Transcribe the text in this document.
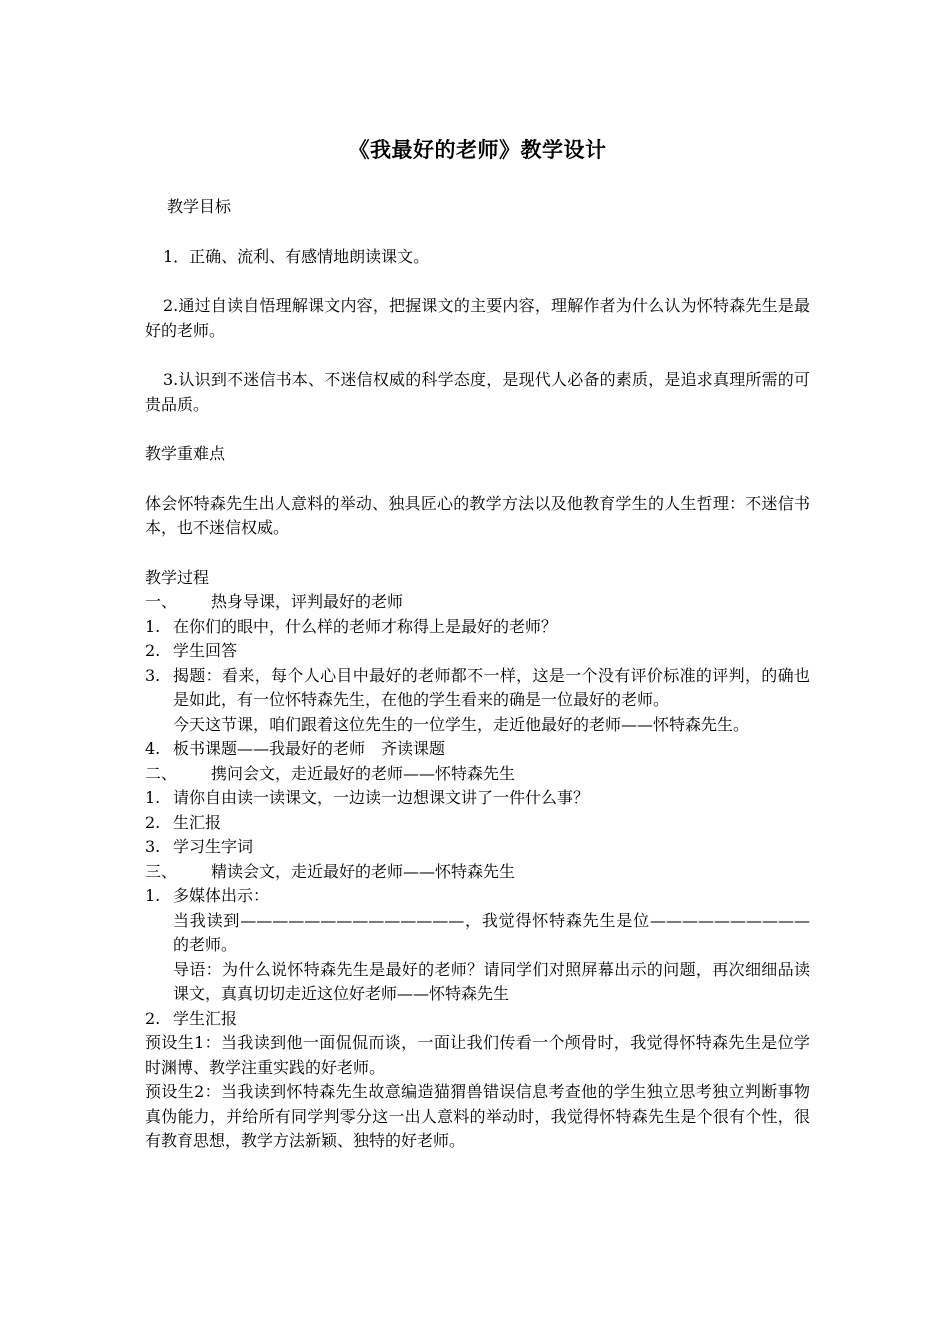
《我最好的老师》教学设计

教学目标

1．正确、流利、有感情地朗读课文。

2.通过自读自悟理解课文内容，把握课文的主要内容，理解作者为什么认为怀特森先生是最好的老师。

3.认识到不迷信书本、不迷信权威的科学态度，是现代人必备的素质，是追求真理所需的可贵品质。

教学重难点

体会怀特森先生出人意料的举动、独具匠心的教学方法以及他教育学生的人生哲理：不迷信书本，也不迷信权威。

教学过程

一、	热身导课，评判最好的老师
1. 在你们的眼中，什么样的老师才称得上是最好的老师？
2. 学生回答
3. 揭题：看来，每个人心目中最好的老师都不一样，这是一个没有评价标准的评判，的确也是如此，有一位怀特森先生，在他的学生看来的确是一位最好的老师。

今天这节课，咱们跟着这位先生的一位学生，走近他最好的老师——怀特森先生。

4. 板书课题——我最好的老师　齐读课题
二、	携问会文，走近最好的老师——怀特森先生
1. 请你自由读一读课文，一边读一边想课文讲了一件什么事？
2. 生汇报
3. 学习生字词
三、	精读会文，走近最好的老师——怀特森先生
1. 多媒体出示：

当我读到——————————————，我觉得怀特森先生是位——————————的老师。

导语：为什么说怀特森先生是最好的老师？请同学们对照屏幕出示的问题，再次细细品读课文，真真切切走近这位好老师——怀特森先生

2. 学生汇报

预设生1：当我读到他一面侃侃而谈，一面让我们传看一个颅骨时，我觉得怀特森先生是位学时渊博、教学注重实践的好老师。

预设生2：当我读到怀特森先生故意编造猫猬兽错误信息考查他的学生独立思考独立判断事物真伪能力，并给所有同学判零分这一出人意料的举动时，我觉得怀特森先生是个很有个性，很有教育思想，教学方法新颖、独特的好老师。
